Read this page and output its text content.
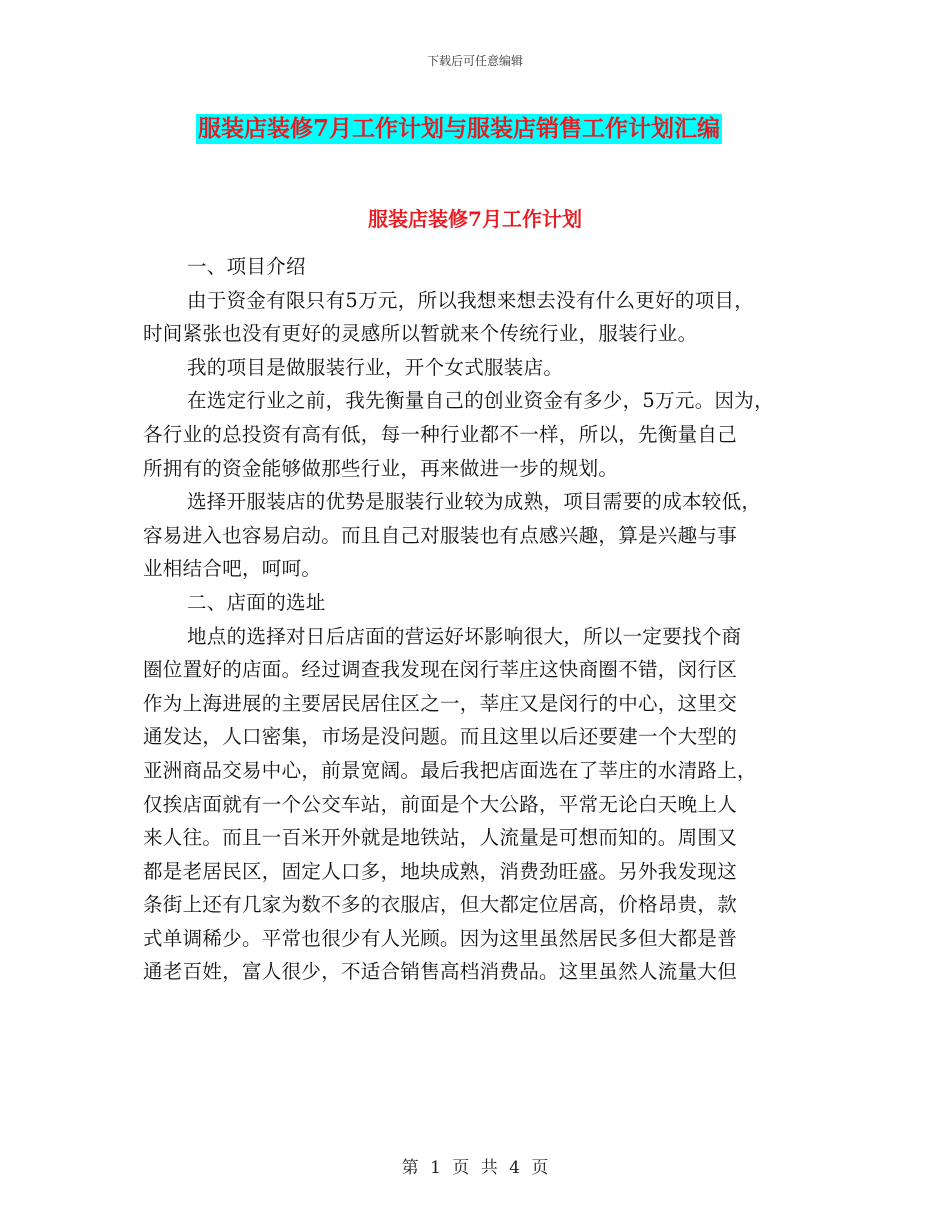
下载后可任意编辑
服装店装修7月工作计划与服装店销售工作计划汇编
服装店装修7月工作计划
一、项目介绍
由于资金有限只有5万元，所以我想来想去没有什么更好的项目，
时间紧张也没有更好的灵感所以暂就来个传统行业，服装行业。
我的项目是做服装行业，开个女式服装店。
在选定行业之前，我先衡量自己的创业资金有多少，5万元。因为，
各行业的总投资有高有低，每一种行业都不一样，所以，先衡量自己
所拥有的资金能够做那些行业，再来做进一步的规划。
选择开服装店的优势是服装行业较为成熟，项目需要的成本较低，
容易进入也容易启动。而且自己对服装也有点感兴趣，算是兴趣与事
业相结合吧，呵呵。
二、店面的选址
地点的选择对日后店面的营运好坏影响很大，所以一定要找个商
圈位置好的店面。经过调查我发现在闵行莘庄这快商圈不错，闵行区
作为上海进展的主要居民居住区之一，莘庄又是闵行的中心，这里交
通发达，人口密集，市场是没问题。而且这里以后还要建一个大型的
亚洲商品交易中心，前景宽阔。最后我把店面选在了莘庄的水清路上，
仅挨店面就有一个公交车站，前面是个大公路，平常无论白天晚上人
来人往。而且一百米开外就是地铁站，人流量是可想而知的。周围又
都是老居民区，固定人口多，地块成熟，消费劲旺盛。另外我发现这
条街上还有几家为数不多的衣服店，但大都定位居高，价格昂贵，款
式单调稀少。平常也很少有人光顾。因为这里虽然居民多但大都是普
通老百姓，富人很少，不适合销售高档消费品。这里虽然人流量大但
第 1 页 共 4 页
